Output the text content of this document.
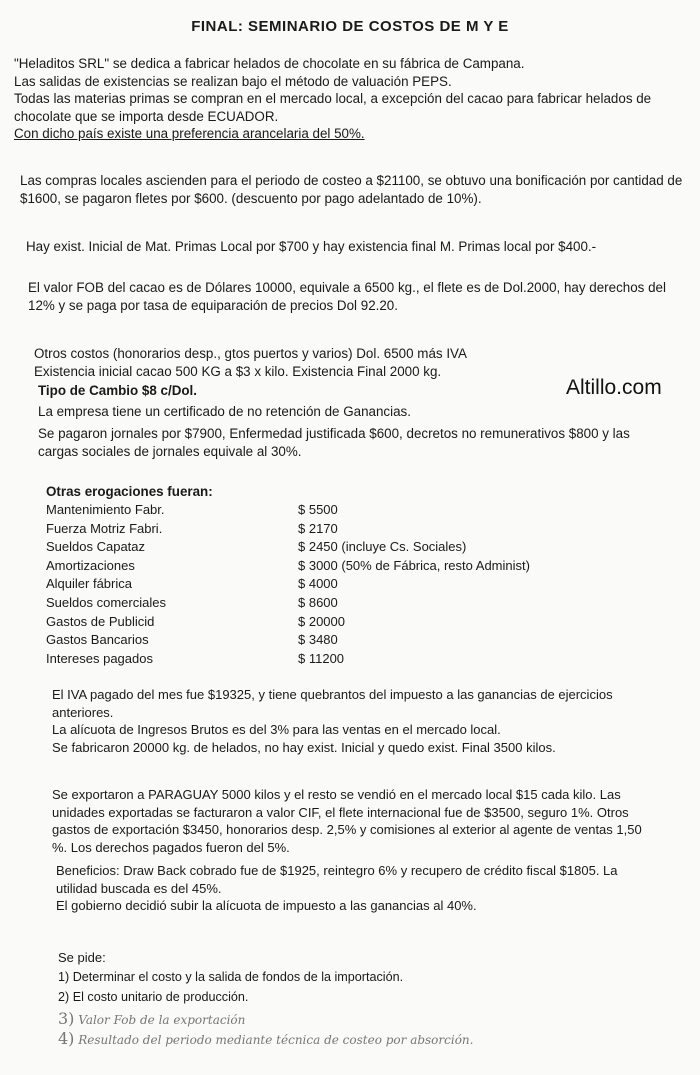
FINAL: SEMINARIO DE COSTOS DE M Y E
"Heladitos SRL" se dedica a fabricar helados de chocolate en su fábrica de Campana.
Las salidas de existencias se realizan bajo el método de valuación PEPS.
Todas las materias primas se compran en el mercado local, a excepción del cacao para fabricar helados de chocolate que se importa desde ECUADOR.
Con dicho país existe una preferencia arancelaria del 50%.
Las compras locales ascienden para el periodo de costeo a $21100, se obtuvo una bonificación por cantidad de $1600, se pagaron fletes por $600. (descuento por pago adelantado de 10%).
Hay exist. Inicial de Mat. Primas Local por $700 y hay existencia final M. Primas local por $400.-
El valor FOB del cacao es de Dólares 10000, equivale a 6500 kg., el flete es de Dol.2000, hay derechos del 12% y se paga por tasa de equiparación de precios Dol 92.20.
Otros costos (honorarios desp., gtos puertos y varios) Dol. 6500 más IVA
Existencia inicial cacao 500 KG a $3 x kilo. Existencia Final 2000 kg.
Tipo de Cambio $8 c/Dol.
La empresa tiene un certificado de no retención de Ganancias.
Se pagaron jornales por $7900, Enfermedad justificada $600, decretos no remunerativos $800 y las cargas sociales de jornales equivale al 30%.
Altillo.com
Otras erogaciones fueran:
Mantenimiento Fabr.	$ 5500
Fuerza Motriz Fabri.	$ 2170
Sueldos Capataz	$ 2450 (incluye Cs. Sociales)
Amortizaciones	$ 3000 (50% de Fábrica, resto Administ)
Alquiler fábrica	$ 4000
Sueldos comerciales	$ 8600
Gastos de Publicid	$ 20000
Gastos Bancarios	$ 3480
Intereses pagados	$ 11200
El IVA pagado del mes fue $19325, y tiene quebrantos del impuesto a las ganancias de ejercicios anteriores.
La alícuota de Ingresos Brutos es del 3% para las ventas en el mercado local.
Se fabricaron 20000 kg. de helados, no hay exist. Inicial y quedo exist. Final 3500 kilos.
Se exportaron a PARAGUAY 5000 kilos y el resto se vendió en el mercado local $15 cada kilo. Las unidades exportadas se facturaron a valor CIF, el flete internacional fue de $3500, seguro 1%. Otros gastos de exportación $3450, honorarios desp. 2,5% y comisiones al exterior al agente de ventas 1,50 %. Los derechos pagados fueron del 5%.
Beneficios: Draw Back cobrado fue de $1925, reintegro 6% y recupero de crédito fiscal $1805. La utilidad buscada es del 45%.
El gobierno decidió subir la alícuota de impuesto a las ganancias al 40%.
Se pide:
1) Determinar el costo y la salida de fondos de la importación.
2) El costo unitario de producción.
3) Valor Fob de la exportación
4) Resultado del periodo mediante técnica de costeo por absorción.
